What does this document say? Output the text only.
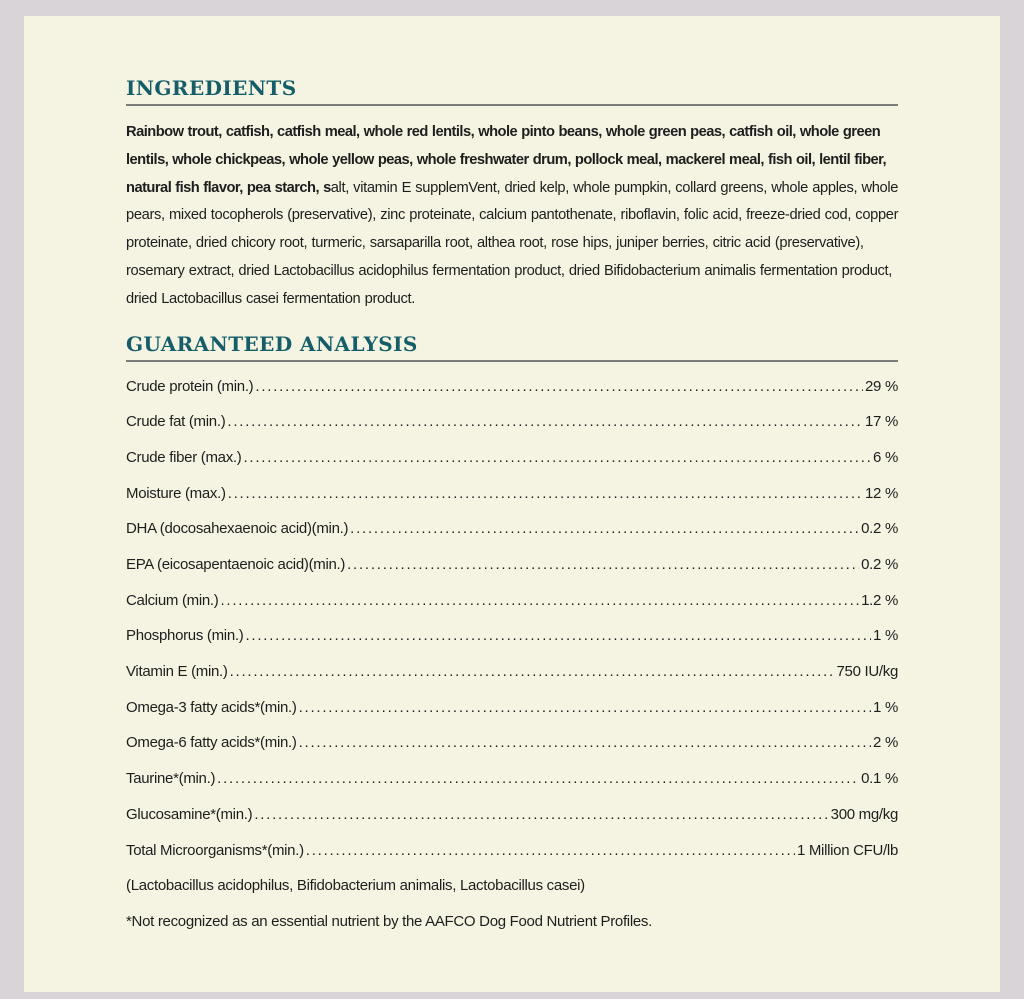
INGREDIENTS

Rainbow trout, catfish, catfish meal, whole red lentils, whole pinto beans, whole green peas, catfish oil, whole green lentils, whole chickpeas, whole yellow peas, whole freshwater drum, pollock meal, mackerel meal, fish oil, lentil fiber, natural fish flavor, pea starch, salt, vitamin E supplemVent, dried kelp, whole pumpkin, collard greens, whole apples, whole pears, mixed tocopherols (preservative), zinc proteinate, calcium pantothenate, riboflavin, folic acid, freeze-dried cod, copper proteinate, dried chicory root, turmeric, sarsaparilla root, althea root, rose hips, juniper berries, citric acid (preservative), rosemary extract, dried Lactobacillus acidophilus fermentation product, dried Bifidobacterium animalis fermentation product, dried Lactobacillus casei fermentation product.

GUARANTEED ANALYSIS
Crude protein (min.) . . .	29 %
Crude fat (min.) . . .	17 %
Crude fiber (max.) . . .	6 %
Moisture (max.) . . .	12 %
DHA (docosahexaenoic acid)(min.) . . .	0.2 %
EPA (eicosapentaenoic acid)(min.) . . .	0.2 %
Calcium (min.) . . .	1.2 %
Phosphorus (min.) . . .	1 %
Vitamin E (min.) . . .	750 IU/kg
Omega-3 fatty acids*(min.) . . .	1 %
Omega-6 fatty acids*(min.) . . .	2 %
Taurine*(min.) . . .	0.1 %
Glucosamine*(min.) . . .	300 mg/kg
Total Microorganisms*(min.) . . .	1 Million CFU/lb
(Lactobacillus acidophilus, Bifidobacterium animalis, Lactobacillus casei)
*Not recognized as an essential nutrient by the AAFCO Dog Food Nutrient Profiles.
